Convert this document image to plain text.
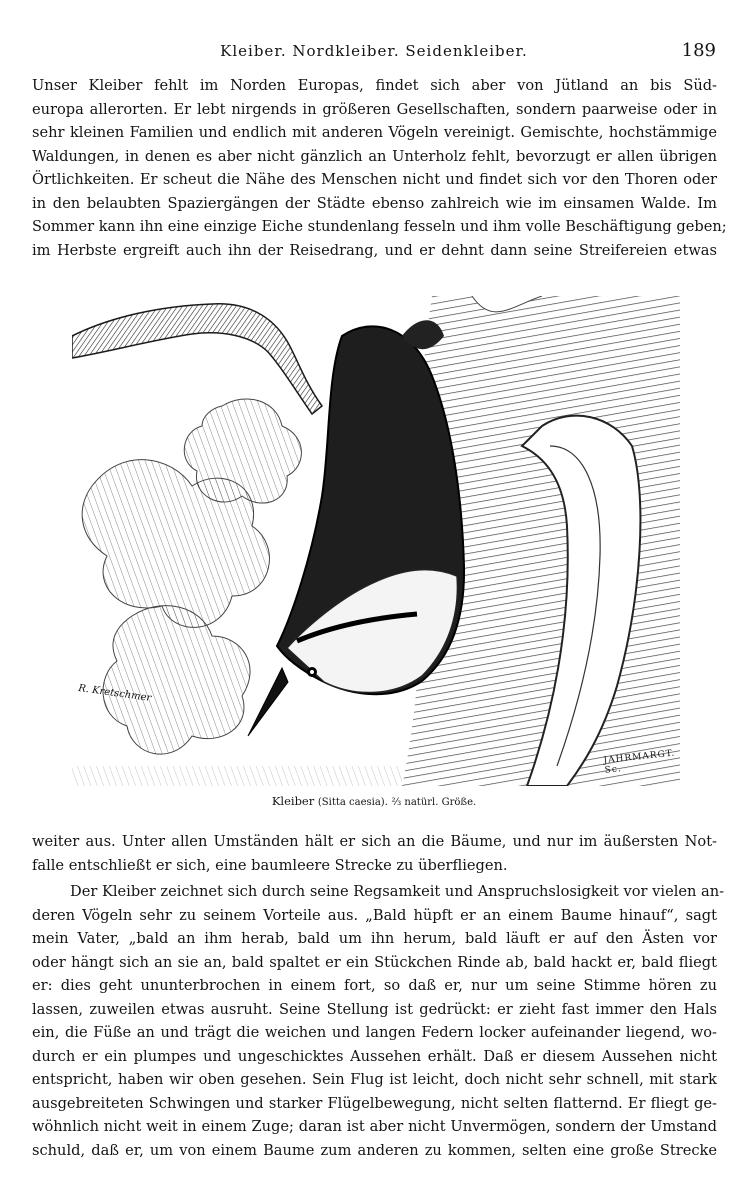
Kleiber. Nordkleiber. Seidenkleiber.	189
Unser Kleiber fehlt im Norden Europas, findet sich aber von Jütland an bis Süd-
europa allerorten. Er lebt nirgends in größeren Gesellschaften, sondern paarweise oder in
sehr kleinen Familien und endlich mit anderen Vögeln vereinigt. Gemischte, hochstämmige
Waldungen, in denen es aber nicht gänzlich an Unterholz fehlt, bevorzugt er allen übrigen
Örtlichkeiten. Er scheut die Nähe des Menschen nicht und findet sich vor den Thoren oder
in den belaubten Spaziergängen der Städte ebenso zahlreich wie im einsamen Walde. Im
Sommer kann ihn eine einzige Eiche stundenlang fesseln und ihm volle Beschäftigung geben;
im Herbste ergreift auch ihn der Reisedrang, und er dehnt dann seine Streifereien etwas
R. Kretschmer
JAHRMARGT. Sc.
Kleiber (Sitta caesia). ⅔ natürl. Größe.
weiter aus. Unter allen Umständen hält er sich an die Bäume, und nur im äußersten Not-
falle entschließt er sich, eine baumleere Strecke zu überfliegen.
Der Kleiber zeichnet sich durch seine Regsamkeit und Anspruchslosigkeit vor vielen an-
deren Vögeln sehr zu seinem Vorteile aus. „Bald hüpft er an einem Baume hinauf“, sagt
mein Vater, „bald an ihm herab, bald um ihn herum, bald läuft er auf den Ästen vor
oder hängt sich an sie an, bald spaltet er ein Stückchen Rinde ab, bald hackt er, bald fliegt
er: dies geht ununterbrochen in einem fort, so daß er, nur um seine Stimme hören zu
lassen, zuweilen etwas ausruht. Seine Stellung ist gedrückt: er zieht fast immer den Hals
ein, die Füße an und trägt die weichen und langen Federn locker aufeinander liegend, wo-
durch er ein plumpes und ungeschicktes Aussehen erhält. Daß er diesem Aussehen nicht
entspricht, haben wir oben gesehen. Sein Flug ist leicht, doch nicht sehr schnell, mit stark
ausgebreiteten Schwingen und starker Flügelbewegung, nicht selten flatternd. Er fliegt ge-
wöhnlich nicht weit in einem Zuge; daran ist aber nicht Unvermögen, sondern der Umstand
schuld, daß er, um von einem Baume zum anderen zu kommen, selten eine große Strecke
